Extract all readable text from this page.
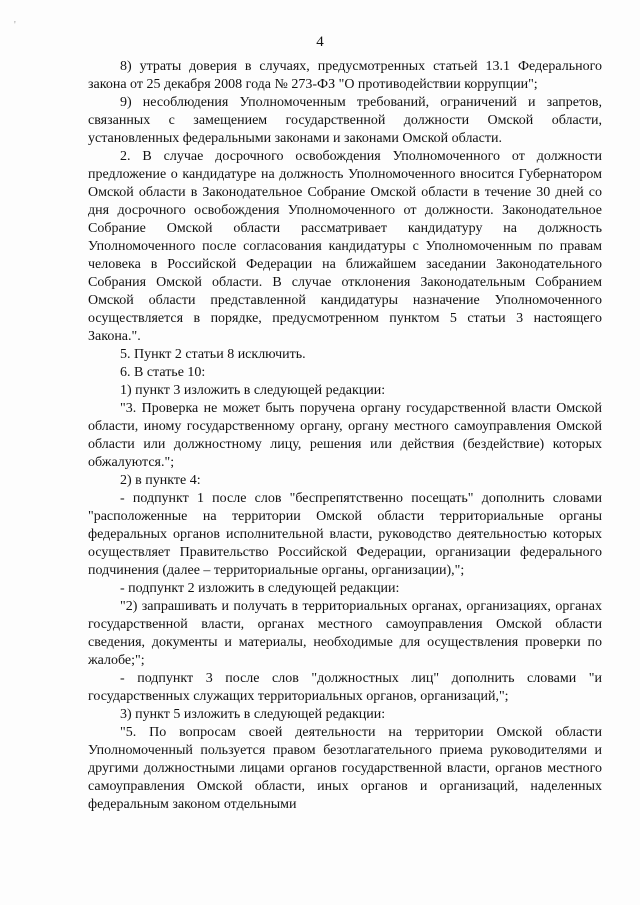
'
4

8) утраты доверия в случаях, предусмотренных статьей 13.1 Федерального закона от 25 декабря 2008 года № 273-ФЗ "О противодействии коррупции";

9) несоблюдения Уполномоченным требований, ограничений и запретов, связанных с замещением государственной должности Омской области, установленных федеральными законами и законами Омской области.

2. В случае досрочного освобождения Уполномоченного от должности предложение о кандидатуре на должность Уполномоченного вносится Губернатором Омской области в Законодательное Собрание Омской области в течение 30 дней со дня досрочного освобождения Уполномоченного от должности. Законодательное Собрание Омской области рассматривает кандидатуру на должность Уполномоченного после согласования кандидатуры с Уполномоченным по правам человека в Российской Федерации на ближайшем заседании Законодательного Собрания Омской области. В случае отклонения Законодательным Собранием Омской области представленной кандидатуры назначение Уполномоченного осуществляется в порядке, предусмотренном пунктом 5 статьи 3 настоящего Закона.".

5. Пункт 2 статьи 8 исключить.

6. В статье 10:

1) пункт 3 изложить в следующей редакции:

"3. Проверка не может быть поручена органу государственной власти Омской области, иному государственному органу, органу местного самоуправления Омской области или должностному лицу, решения или действия (бездействие) которых обжалуются.";

2) в пункте 4:

- подпункт 1 после слов "беспрепятственно посещать" дополнить словами "расположенные на территории Омской области территориальные органы федеральных органов исполнительной власти, руководство деятельностью которых осуществляет Правительство Российской Федерации, организации федерального подчинения (далее – территориальные органы, организации),";

- подпункт 2 изложить в следующей редакции:

"2) запрашивать и получать в территориальных органах, организациях, органах государственной власти, органах местного самоуправления Омской области сведения, документы и материалы, необходимые для осуществления проверки по жалобе;";

- подпункт 3 после слов "должностных лиц" дополнить словами "и государственных служащих территориальных органов, организаций,";

3) пункт 5 изложить в следующей редакции:

"5. По вопросам своей деятельности на территории Омской области Уполномоченный пользуется правом безотлагательного приема руководителями и другими должностными лицами органов государственной власти, органов местного самоуправления Омской области, иных органов и организаций, наделенных федеральным законом отдельными
